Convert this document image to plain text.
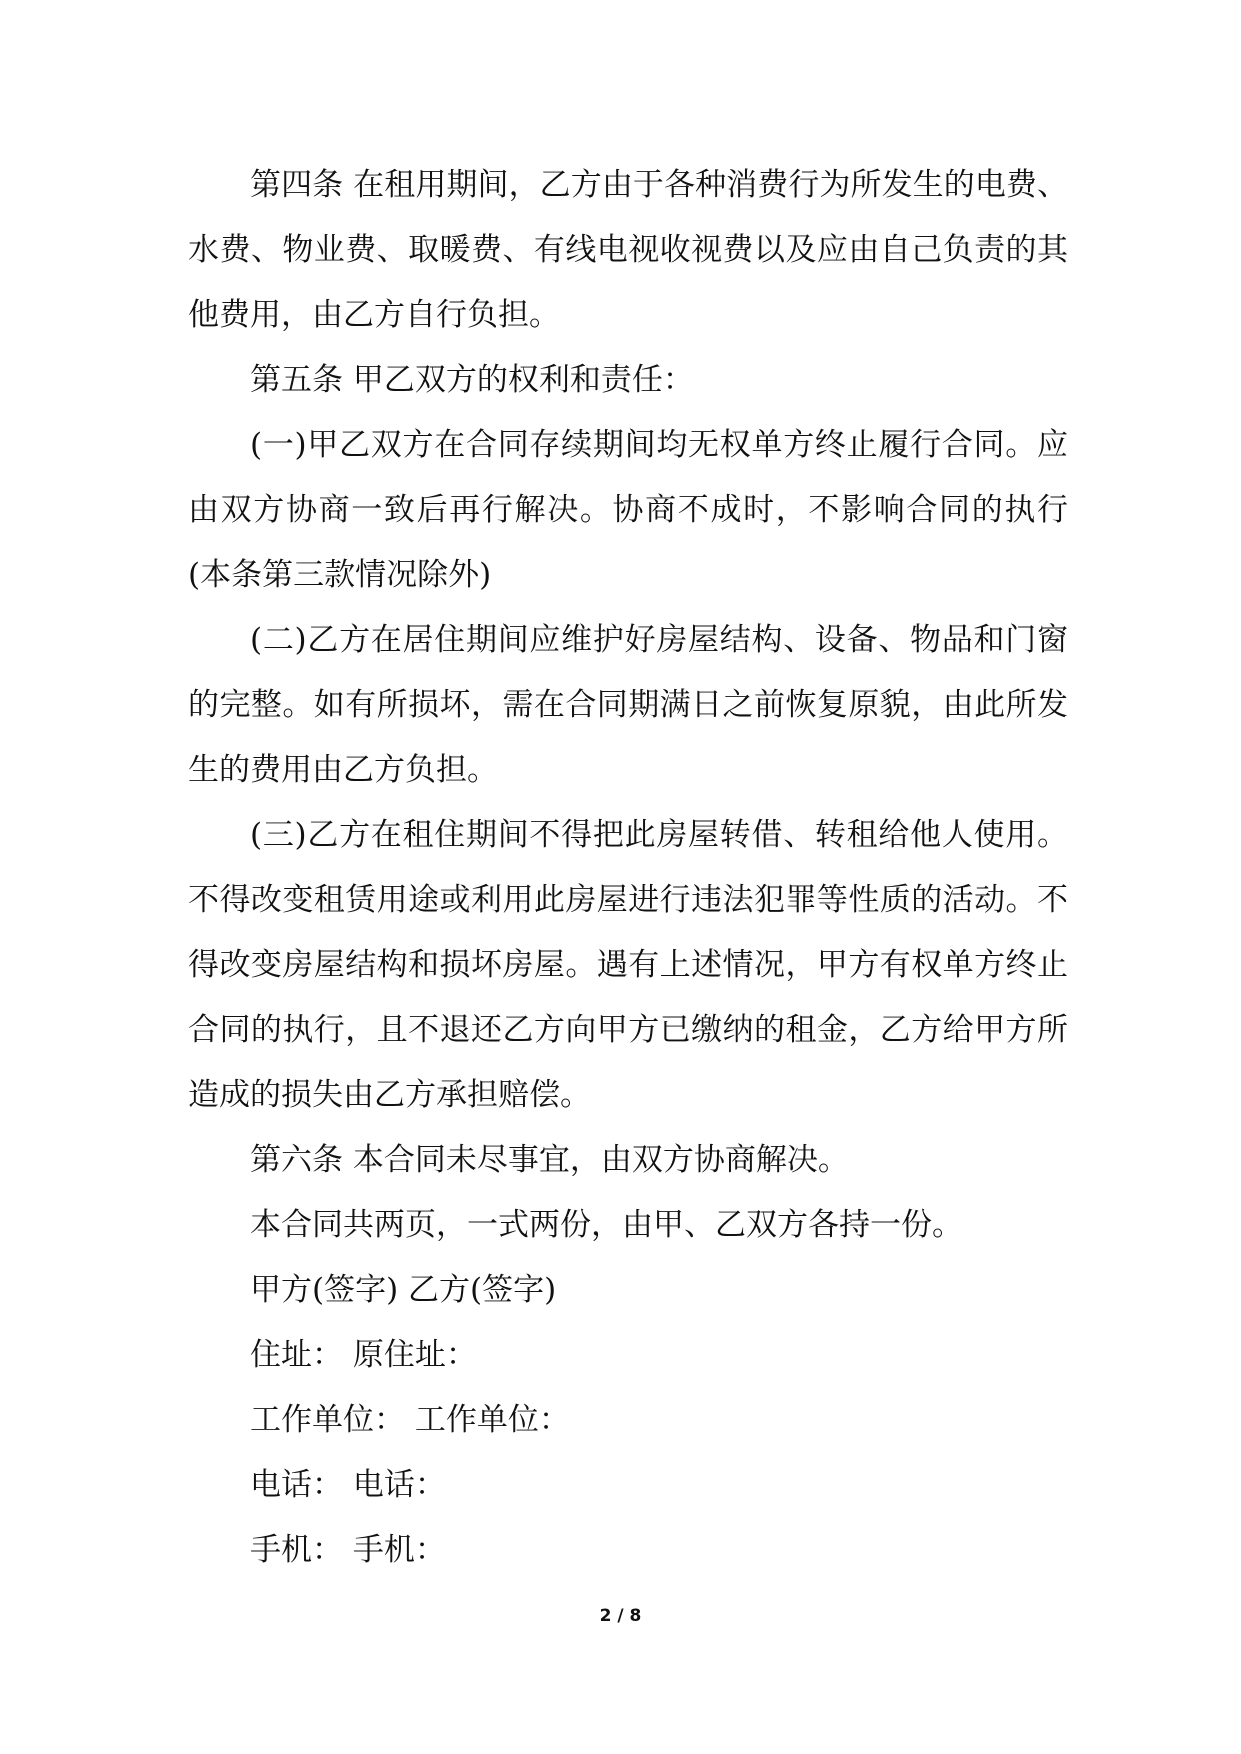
第四条 在租用期间，乙方由于各种消费行为所发生的电费、水费、物业费、取暖费、有线电视收视费以及应由自己负责的其他费用，由乙方自行负担。

第五条 甲乙双方的权利和责任：

(一)甲乙双方在合同存续期间均无权单方终止履行合同。应由双方协商一致后再行解决。协商不成时，不影响合同的执行(本条第三款情况除外)

(二)乙方在居住期间应维护好房屋结构、设备、物品和门窗的完整。如有所损坏，需在合同期满日之前恢复原貌，由此所发生的费用由乙方负担。

(三)乙方在租住期间不得把此房屋转借、转租给他人使用。不得改变租赁用途或利用此房屋进行违法犯罪等性质的活动。不得改变房屋结构和损坏房屋。遇有上述情况，甲方有权单方终止合同的执行，且不退还乙方向甲方已缴纳的租金，乙方给甲方所造成的损失由乙方承担赔偿。

第六条 本合同未尽事宜，由双方协商解决。

本合同共两页，一式两份，由甲、乙双方各持一份。

甲方(签字) 乙方(签字)

住址： 原住址：

工作单位： 工作单位：

电话： 电话：

手机： 手机：

2 / 8
